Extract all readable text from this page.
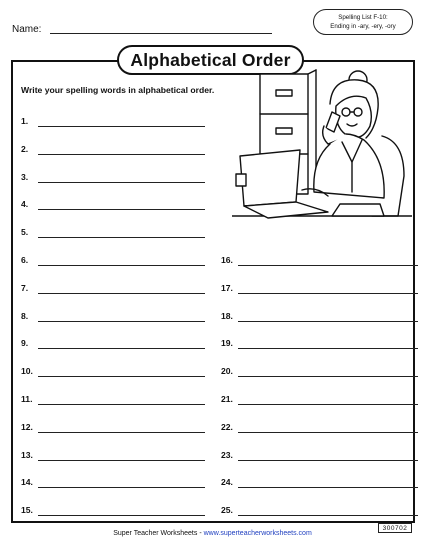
Name:
Spelling List F-10:
Ending in -ary, -ery, -ory
Alphabetical Order
Write your spelling words in alphabetical order.
1.
2.
3.
4.
5.
6.
7.
8.
9.
10.
11.
12.
13.
14.
15.
16.
17.
18.
19.
20.
21.
22.
23.
24.
25.
Super Teacher Worksheets - www.superteacherworksheets.com
300702
